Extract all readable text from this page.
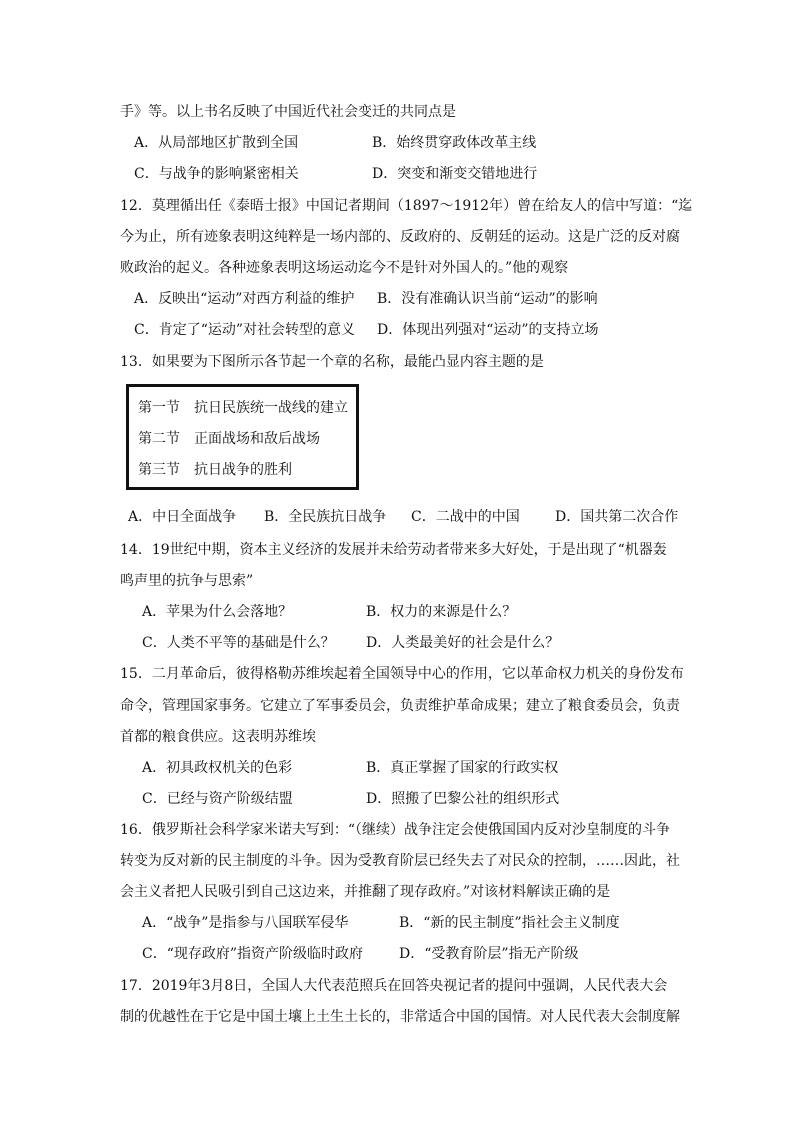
手》等。以上书名反映了中国近代社会变迁的共同点是
A．从局部地区扩散到全国	B．始终贯穿政体改革主线
C．与战争的影响紧密相关	D．突变和渐变交错地进行
12．莫理循出任《泰晤士报》中国记者期间（1897～1912年）曾在给友人的信中写道：“迄
今为止，所有迹象表明这纯粹是一场内部的、反政府的、反朝廷的运动。这是广泛的反对腐
败政治的起义。各种迹象表明这场运动迄今不是针对外国人的。”他的观察
A．反映出“运动”对西方利益的维护 B．没有准确认识当前“运动”的影响
C．肯定了“运动”对社会转型的意义 D．体现出列强对“运动”的支持立场
13．如果要为下图所示各节起一个章的名称，最能凸显内容主题的是
第一节　抗日民族统一战线的建立
第二节　正面战场和敌后战场
第三节　抗日战争的胜利
A．中日全面战争 B．全民族抗日战争 C．二战中的中国	D．国共第二次合作
14．19世纪中期，资本主义经济的发展并未给劳动者带来多大好处，于是出现了“机器轰
鸣声里的抗争与思索”
A．苹果为什么会落地？	B．权力的来源是什么？
C．人类不平等的基础是什么？ D．人类最美好的社会是什么？
15．二月革命后，彼得格勒苏维埃起着全国领导中心的作用，它以革命权力机关的身份发布
命令，管理国家事务。它建立了军事委员会，负责维护革命成果；建立了粮食委员会，负责
首都的粮食供应。这表明苏维埃
A．初具政权机关的色彩	B．真正掌握了国家的行政实权
C．已经与资产阶级结盟	D．照搬了巴黎公社的组织形式
16．俄罗斯社会科学家米诺夫写到：“（继续）战争注定会使俄国国内反对沙皇制度的斗争
转变为反对新的民主制度的斗争。因为受教育阶层已经失去了对民众的控制，……因此，社
会主义者把人民吸引到自己这边来，并推翻了现存政府。”对该材料解读正确的是
A．“战争”是指参与八国联军侵华	B．“新的民主制度”指社会主义制度
C．“现存政府”指资产阶级临时政府	D．“受教育阶层”指无产阶级
17．2019年3月8日，全国人大代表范照兵在回答央视记者的提问中强调，人民代表大会
制的优越性在于它是中国土壤上土生土长的，非常适合中国的国情。对人民代表大会制度解
